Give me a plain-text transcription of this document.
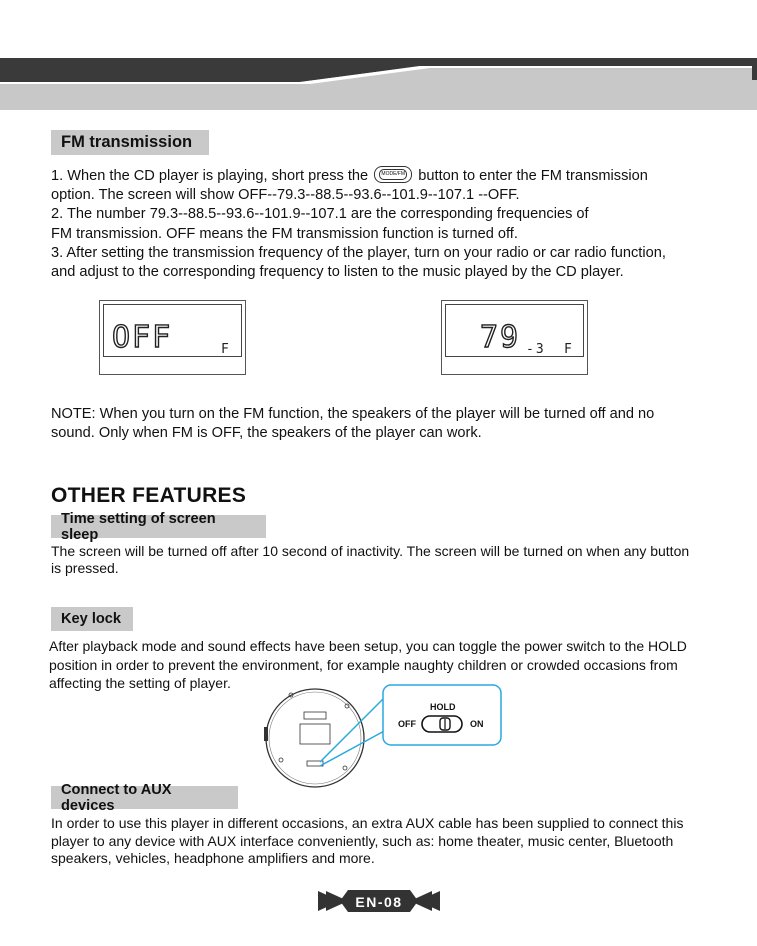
FM transmission

1. When the CD player is playing, short press the	MODE/FM button to enter the FM transmission

option. The screen will show OFF--79.3--88.5--93.6--101.9--107.1 --OFF.

2. The number 79.3--88.5--93.6--101.9--107.1 are the corresponding frequencies of

FM transmission. OFF means the FM transmission function is turned off.

3. After setting the transmission frequency of the player, turn on your radio or car radio function,

and adjust to the corresponding frequency to listen to the music played by the CD player.

OFF	F	79 -3 F

NOTE: When you turn on the FM function, the speakers of the player will be turned off and no

sound. Only when FM is OFF, the speakers of the player can work.

OTHER FEATURES
Time setting of screen sleep

The screen will be turned off after 10 second of inactivity. The screen will be turned on when any button

is pressed.

Key lock

After playback mode and sound effects have been setup, you can toggle the power switch to the HOLD

position in order to prevent the environment, for example naughty children or crowded occasions from

affecting the setting of player.

HOLD
OFF	ON
Connect to AUX devices

In order to use this player in different occasions, an extra AUX cable has been supplied to connect this

player to any device with AUX interface conveniently, such as: home theater, music center, Bluetooth

speakers, vehicles, headphone amplifiers and more.

EN-08
